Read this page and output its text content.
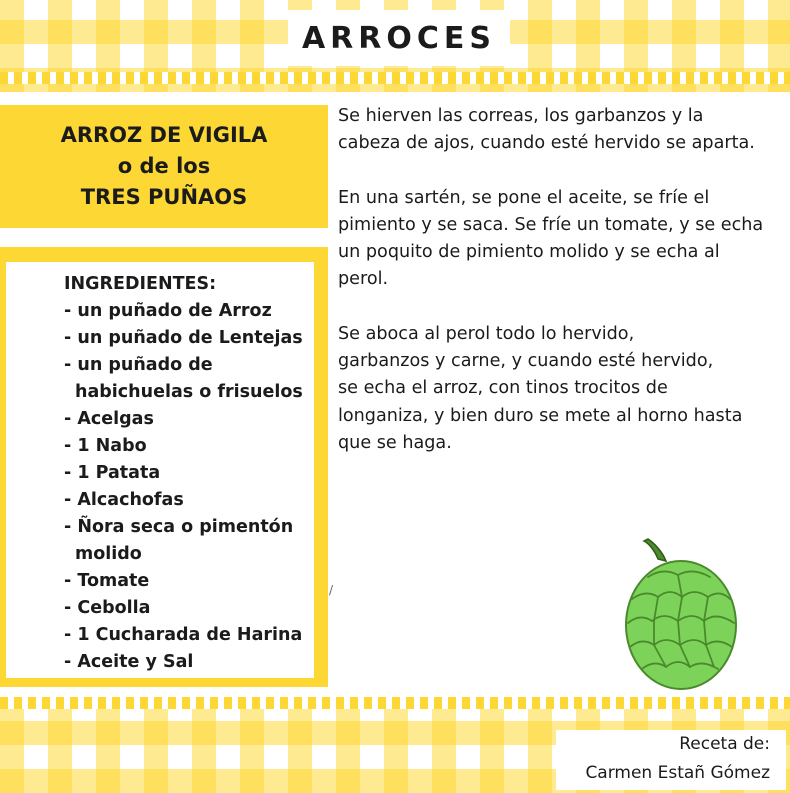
ARROCES
ARROZ DE VIGILA
o de los
TRES PUÑAOS
INGREDIENTES:
- un puñado de Arroz
- un puñado de Lentejas
- un puñado de
habichuelas o frisuelos
- Acelgas
- 1 Nabo
- 1 Patata
- Alcachofas
- Ñora seca o pimentón
molido
- Tomate
- Cebolla
- 1 Cucharada de Harina
- Aceite y Sal
Se hierven las correas, los garbanzos y la
cabeza de ajos, cuando esté hervido se aparta.
En una sartén, se pone el aceite, se fríe el
pimiento y se saca. Se fríe un tomate, y se echa
un poquito de pimiento molido y se echa al
perol.
Se aboca al perol todo lo hervido,
garbanzos y carne, y cuando esté hervido,
se echa el arroz, con tinos trocitos de
longaniza, y bien duro se mete al horno hasta
que se haga.
/
Receta de:
Carmen Estañ Gómez
